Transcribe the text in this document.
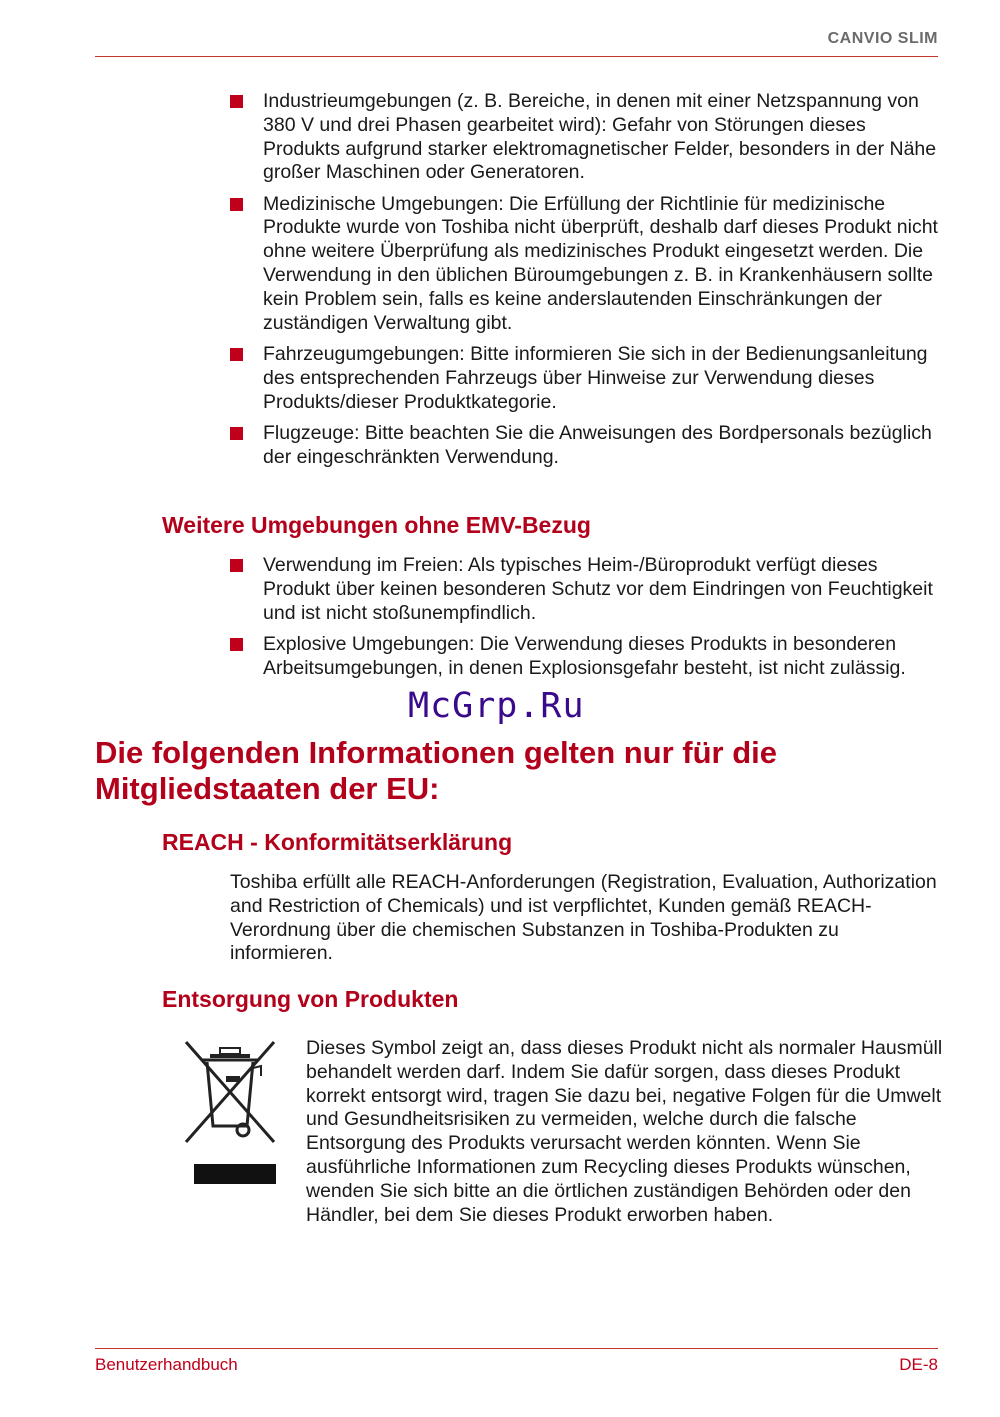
CANVIO SLIM
Industrieumgebungen (z. B. Bereiche, in denen mit einer Netzspannung von 380 V und drei Phasen gearbeitet wird): Gefahr von Störungen dieses Produkts aufgrund starker elektromagnetischer Felder, besonders in der Nähe großer Maschinen oder Generatoren.
Medizinische Umgebungen: Die Erfüllung der Richtlinie für medizinische Produkte wurde von Toshiba nicht überprüft, deshalb darf dieses Produkt nicht ohne weitere Überprüfung als medizinisches Produkt eingesetzt werden. Die Verwendung in den üblichen Büroumgebungen z. B. in Krankenhäusern sollte kein Problem sein, falls es keine anderslautenden Einschränkungen der zuständigen Verwaltung gibt.
Fahrzeugumgebungen: Bitte informieren Sie sich in der Bedienungsanleitung des entsprechenden Fahrzeugs über Hinweise zur Verwendung dieses Produkts/dieser Produktkategorie.
Flugzeuge: Bitte beachten Sie die Anweisungen des Bordpersonals bezüglich der eingeschränkten Verwendung.
Weitere Umgebungen ohne EMV-Bezug
Verwendung im Freien: Als typisches Heim-/Büroprodukt verfügt dieses Produkt über keinen besonderen Schutz vor dem Eindringen von Feuchtigkeit und ist nicht stoßunempfindlich.
Explosive Umgebungen: Die Verwendung dieses Produkts in besonderen Arbeitsumgebungen, in denen Explosionsgefahr besteht, ist nicht zulässig.
McGrp.Ru
Die folgenden Informationen gelten nur für die
Mitgliedstaaten der EU:
REACH - Konformitätserklärung

Toshiba erfüllt alle REACH-Anforderungen (Registration, Evaluation, Authorization and Restriction of Chemicals) und ist verpflichtet, Kunden gemäß REACH-Verordnung über die chemischen Substanzen in Toshiba-Produkten zu informieren.

Entsorgung von Produkten

Dieses Symbol zeigt an, dass dieses Produkt nicht als normaler Hausmüll behandelt werden darf. Indem Sie dafür sorgen, dass dieses Produkt korrekt entsorgt wird, tragen Sie dazu bei, negative Folgen für die Umwelt und Gesundheitsrisiken zu vermeiden, welche durch die falsche Entsorgung des Produkts verursacht werden könnten. Wenn Sie ausführliche Informationen zum Recycling dieses Produkts wünschen, wenden Sie sich bitte an die örtlichen zuständigen Behörden oder den Händler, bei dem Sie dieses Produkt erworben haben.

Benutzerhandbuch	DE-8
